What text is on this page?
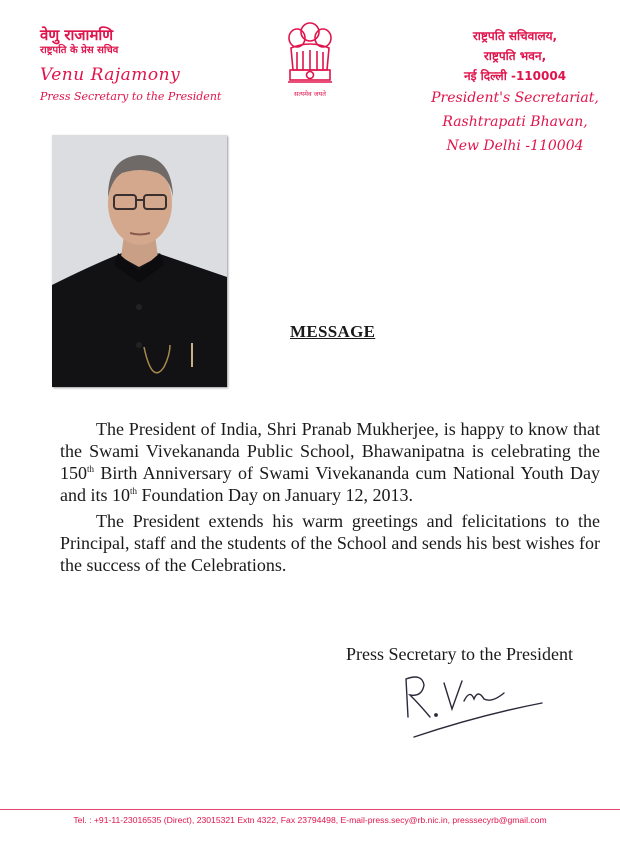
वेणु राजामणि
राष्ट्रपति के प्रेस सचिव
Venu Rajamony
Press Secretary to the President	सत्यमेव जयते
राष्ट्रपति सचिवालय,
राष्ट्रपति भवन,
नई दिल्ली -110004
President's Secretariat,
Rashtrapati Bhavan,
New Delhi -110004
MESSAGE
The President of India, Shri Pranab Mukherjee, is happy to know that the Swami Vivekananda Public School, Bhawanipatna is celebrating the 150th Birth Anniversary of Swami Vivekananda cum National Youth Day and its 10th Foundation Day on January 12, 2013.
The President extends his warm greetings and felicitations to the Principal, staff and the students of the School and sends his best wishes for the success of the Celebrations.
Press Secretary to the President
Tel. : +91-11-23016535 (Direct), 23015321 Extn 4322, Fax 23794498, E-mail-press.secy@rb.nic.in, presssecyrb@gmail.com
